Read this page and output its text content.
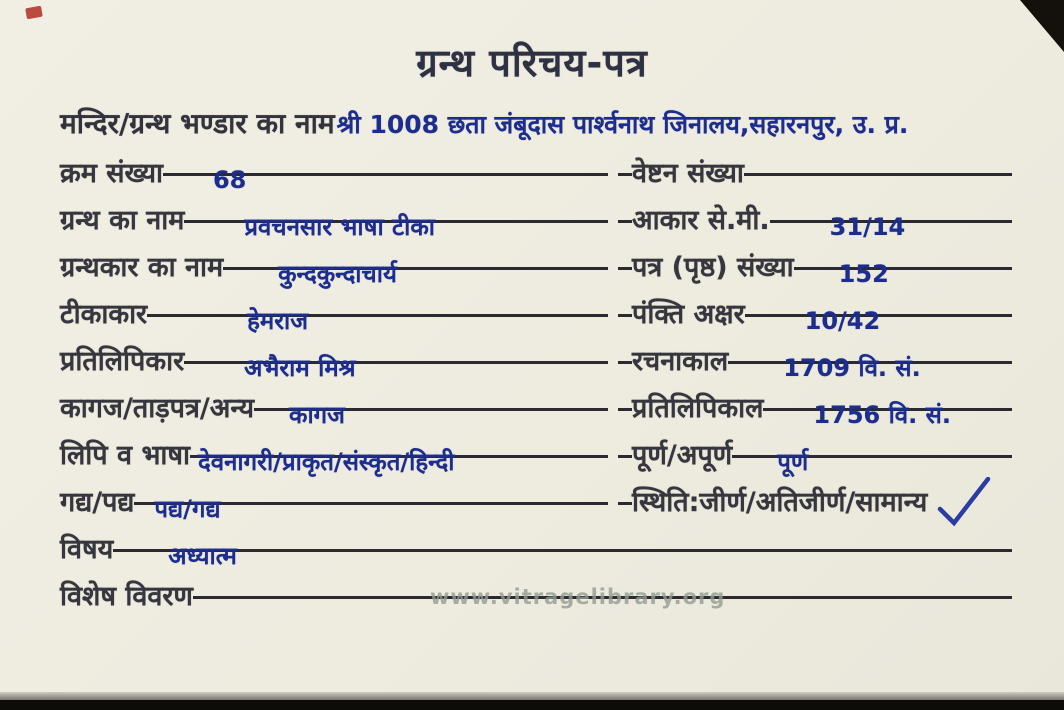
ग्रन्थ परिचय-पत्र
मन्दिर/ग्रन्थ भण्डार का नाम श्री 1008 छता जंबूदास पार्श्वनाथ जिनालय,सहारनपुर, उ. प्र.
क्रम संख्या	68	वेष्टन संख्या
ग्रन्थ का नाम	प्रवचनसार भाषा टीका	आकार से.मी.	31/14
ग्रन्थकार का नाम	कुन्दकुन्दाचार्य	पत्र (पृष्ठ) संख्या	152
टीकाकार	हेमराज	पंक्ति अक्षर	10/42
प्रतिलिपिकार	अभैराम मिश्र	रचनाकाल	1709 वि. सं.
कागज/ताड़पत्र/अन्य	कागज	प्रतिलिपिकाल	1756 वि. सं.
लिपि व भाषा देवनागरी/प्राकृत/संस्कृत/हिन्दी	पूर्ण/अपूर्ण	पूर्ण
गद्य/पद्य पद्य/गद्य	स्थिति:जीर्ण/अतिजीर्ण/सामान्य
विषय	अध्यात्म
विशेष विवरण	www.vitragelibrary.org
